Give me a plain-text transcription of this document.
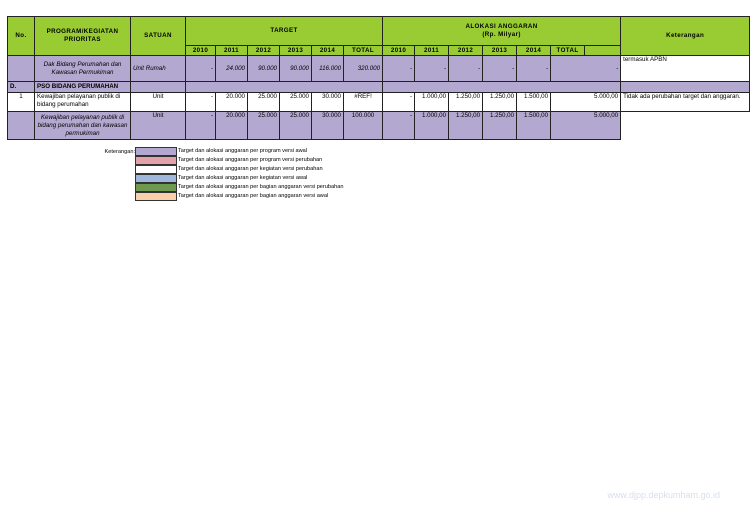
No.	PROGRAM/KEGIATAN PRIORITAS	SATUAN	TARGET						ALOKASI ANGGARAN
(Rp. Milyar)							Keterangan
			2010	2011	2012	2013	2014	TOTAL	2010	2011	2012	2013	2014	TOTAL		
	Dak Bidang Perumahan dan Kawasan Permukiman	Unit Rumah	-	24.000	90.000	90.000	116.000	320.000	-	-	-	-	-	-		termasuk APBN
D.	PSO BIDANG PERUMAHAN															
1	Kewajiban pelayanan publik di bidang perumahan	Unit	-	20.000	25.000	25.000	30.000	#REF!	-	1.000,00	1.250,00	1.250,00	1.500,00	5.000,00		Tidak ada perubahan target dan anggaran.
	Kewajiban pelayanan publik di bidang perumahan dan kawasan permukiman	Unit	-	20.000	25.000	25.000	30.000	100.000	-	1.000,00	1.250,00	1.250,00	1.500,00	5.000,00		
Keterangan:	Target dan alokasi anggaran per program versi awal
Target dan alokasi anggaran per program versi perubahan
Target dan alokasi anggaran per kegiatan versi perubahan
Target dan alokasi anggaran per kegiatan versi awal
Target dan alokasi anggaran per bagian anggaran versi perubahan
Target dan alokasi anggaran per bagian anggaran versi awal
www.djpp.depkumham.go.id
